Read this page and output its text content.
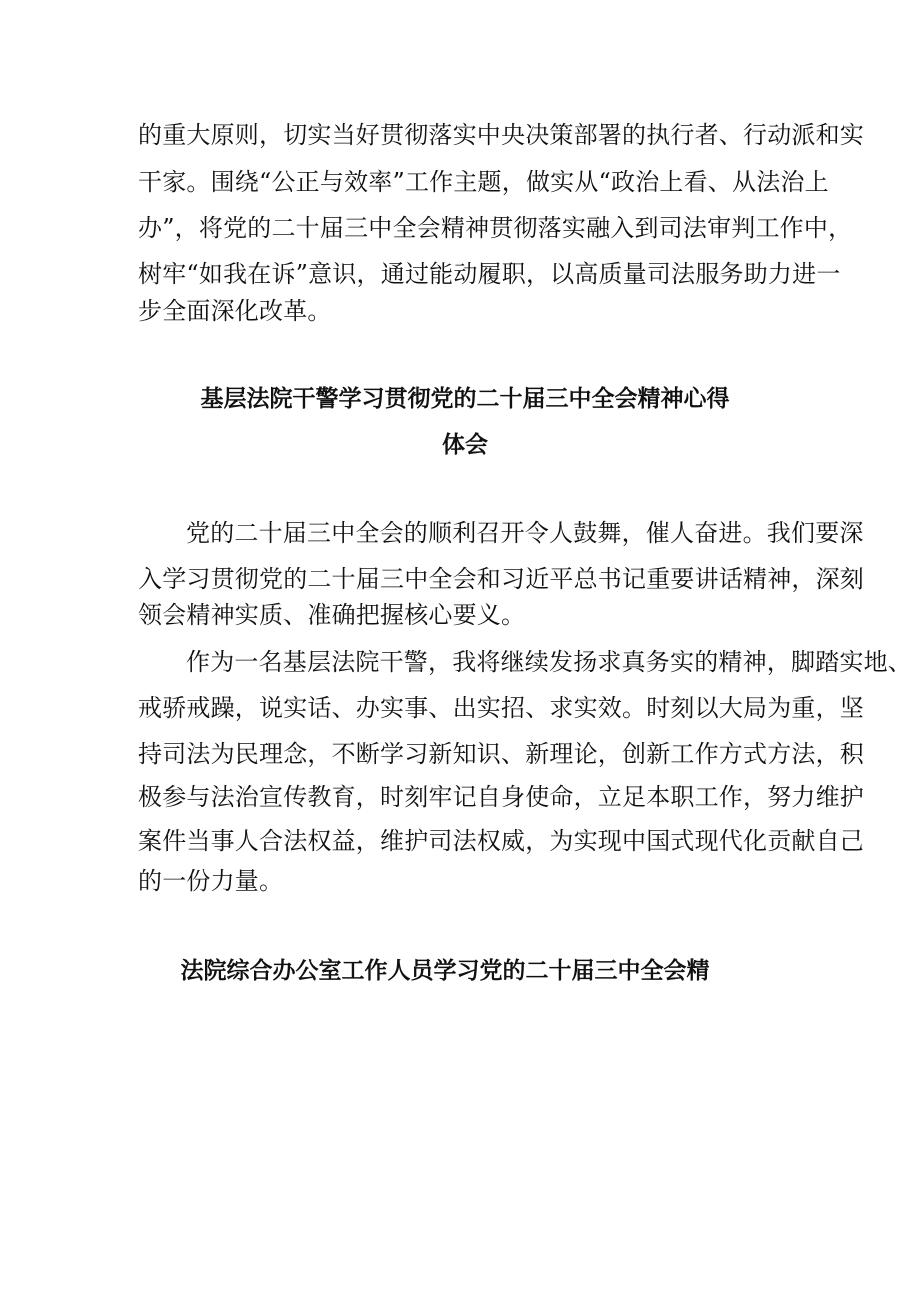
的重大原则，切实当好贯彻落实中央决策部署的执行者、行动派和实
干家。围绕“公正与效率”工作主题，做实从“政治上看、从法治上
办”，将党的二十届三中全会精神贯彻落实融入到司法审判工作中，
树牢“如我在诉”意识，通过能动履职，以高质量司法服务助力进一
步全面深化改革。
基层法院干警学习贯彻党的二十届三中全会精神心得
体会
党的二十届三中全会的顺利召开令人鼓舞，催人奋进。我们要深
入学习贯彻党的二十届三中全会和习近平总书记重要讲话精神，深刻
领会精神实质、准确把握核心要义。
作为一名基层法院干警，我将继续发扬求真务实的精神，脚踏实地、
戒骄戒躁，说实话、办实事、出实招、求实效。时刻以大局为重，坚
持司法为民理念，不断学习新知识、新理论，创新工作方式方法，积
极参与法治宣传教育，时刻牢记自身使命，立足本职工作，努力维护
案件当事人合法权益，维护司法权威，为实现中国式现代化贡献自己
的一份力量。
法院综合办公室工作人员学习党的二十届三中全会精
